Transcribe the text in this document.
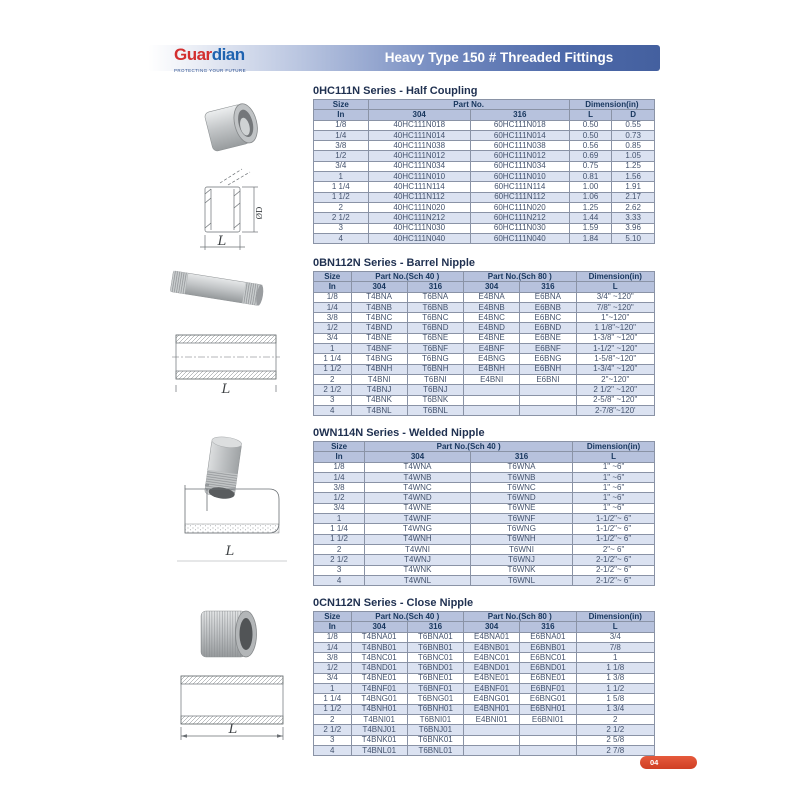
Guardian
PROTECTING YOUR FUTURE
Heavy Type 150 # Threaded Fittings
0HC111N Series - Half Coupling
0BN112N Series - Barrel Nipple
0WN114N Series - Welded Nipple
0CN112N Series - Close Nipple
Size	Part No.		Dimension(in)	
In	304	316	L	D
1/8	40HC111N018	60HC111N018	0.50	0.55
1/4	40HC111N014	60HC111N014	0.50	0.73
3/8	40HC111N038	60HC111N038	0.56	0.85
1/2	40HC111N012	60HC111N012	0.69	1.05
3/4	40HC111N034	60HC111N034	0.75	1.25
1	40HC111N010	60HC111N010	0.81	1.56
1 1/4	40HC111N114	60HC111N114	1.00	1.91
1 1/2	40HC111N112	60HC111N112	1.06	2.17
2	40HC111N020	60HC111N020	1.25	2.62
2 1/2	40HC111N212	60HC111N212	1.44	3.33
3	40HC111N030	60HC111N030	1.59	3.96
4	40HC111N040	60HC111N040	1.84	5.10
Size	Part No.(Sch 40 )		Part No.(Sch 80 )		Dimension(in)
In	304	316	304	316	L
1/8	T4BNA	T6BNA	E4BNA	E6BNA	3/4" ~120"
1/4	T4BNB	T6BNB	E4BNB	E6BNB	7/8" ~120"
3/8	T4BNC	T6BNC	E4BNC	E6BNC	1"~120"
1/2	T4BND	T6BND	E4BND	E6BND	1 1/8"~120"
3/4	T4BNE	T6BNE	E4BNE	E6BNE	1-3/8" ~120"
1	T4BNF	T6BNF	E4BNF	E6BNF	1-1/2" ~120"
1 1/4	T4BNG	T6BNG	E4BNG	E6BNG	1-5/8"~120"
1 1/2	T4BNH	T6BNH	E4BNH	E6BNH	1-3/4" ~120"
2	T4BNI	T6BNI	E4BNI	E6BNI	2"~120"
2 1/2	T4BNJ	T6BNJ			2 1/2" ~120"
3	T4BNK	T6BNK			2-5/8" ~120"
4	T4BNL	T6BNL			2-7/8"~120'
Size	Part No.(Sch 40 )		Dimension(in)
In	304	316	L
1/8	T4WNA	T6WNA	1" ~6"
1/4	T4WNB	T6WNB	1" ~6"
3/8	T4WNC	T6WNC	1" ~6"
1/2	T4WND	T6WND	1" ~6"
3/4	T4WNE	T6WNE	1" ~6"
1	T4WNF	T6WNF	1-1/2"~ 6"
1 1/4	T4WNG	T6WNG	1-1/2"~ 6"
1 1/2	T4WNH	T6WNH	1-1/2"~ 6"
2	T4WNI	T6WNI	2"~ 6"
2 1/2	T4WNJ	T6WNJ	2-1/2"~ 6"
3	T4WNK	T6WNK	2-1/2"~ 6"
4	T4WNL	T6WNL	2-1/2"~ 6"
Size	Part No.(Sch 40 )		Part No.(Sch 80 )		Dimension(in)
In	304	316	304	316	L
1/8	T4BNA01	T6BNA01	E4BNA01	E6BNA01	3/4
1/4	T4BNB01	T6BNB01	E4BNB01	E6BNB01	7/8
3/8	T4BNC01	T6BNC01	E4BNC01	E6BNC01	1
1/2	T4BND01	T6BND01	E4BND01	E6BND01	1 1/8
3/4	T4BNE01	T6BNE01	E4BNE01	E6BNE01	1 3/8
1	T4BNF01	T6BNF01	E4BNF01	E6BNF01	1 1/2
1 1/4	T4BNG01	T6BNG01	E4BNG01	E6BNG01	1 5/8
1 1/2	T4BNH01	T6BNH01	E4BNH01	E6BNH01	1 3/4
2	T4BNI01	T6BNI01	E4BNI01	E6BNI01	2
2 1/2	T4BNJ01	T6BNJ01			2 1/2
3	T4BNK01	T6BNK01			2 5/8
4	T4BNL01	T6BNL01			2 7/8
ØD
L
L
L
L
04
